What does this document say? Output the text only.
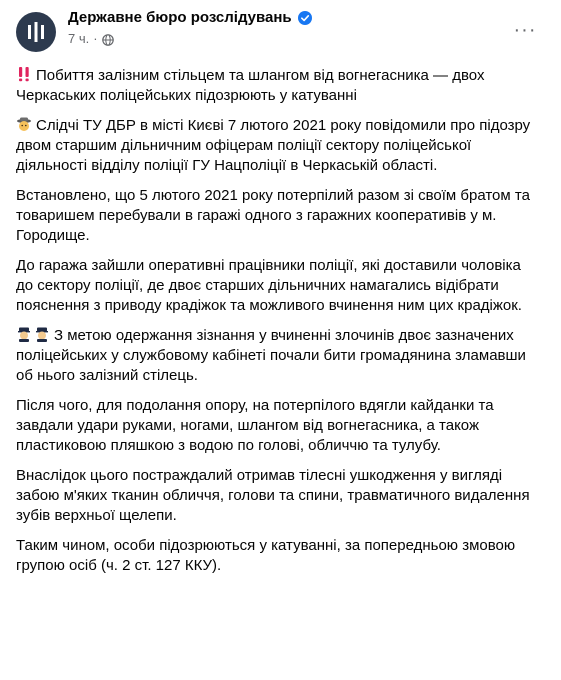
Державне бюро розслідувань
7 ч. ·	···

Побиття залізним стільцем та шлангом від вогнегасника — двох Черкаських поліцейських підозрюють у катуванні

Слідчі ТУ ДБР в місті Києві 7 лютого 2021 року повідомили про підозру двом старшим дільничним офіцерам поліції сектору поліцейської діяльності відділу поліції ГУ Нацполіції в Черкаській області.

Встановлено, що 5 лютого 2021 року потерпілий разом зі своїм братом та товаришем перебували в гаражі одного з гаражних кооперативів у м. Городище.

До гаража зайшли оперативні працівники поліції, які доставили чоловіка до сектору поліції, де двоє старших дільничних намагались відібрати пояснення з приводу крадіжок та можливого вчинення ним цих крадіжок.

З метою одержання зізнання у вчиненні злочинів двоє зазначених поліцейських у службовому кабінеті почали бити громадянина зламавши об нього залізний стілець.

Після чого, для подолання опору, на потерпілого вдягли кайданки та завдали удари руками, ногами, шлангом від вогнегасника, а також пластиковою пляшкою з водою по голові, обличчю та тулубу.

Внаслідок цього постраждалий отримав тілесні ушкодження у вигляді забою м'яких тканин обличчя, голови та спини, травматичного видалення зубів верхньої щелепи.

Таким чином, особи підозрюються у катуванні, за попередньою змовою групою осіб (ч. 2 ст. 127 ККУ).
